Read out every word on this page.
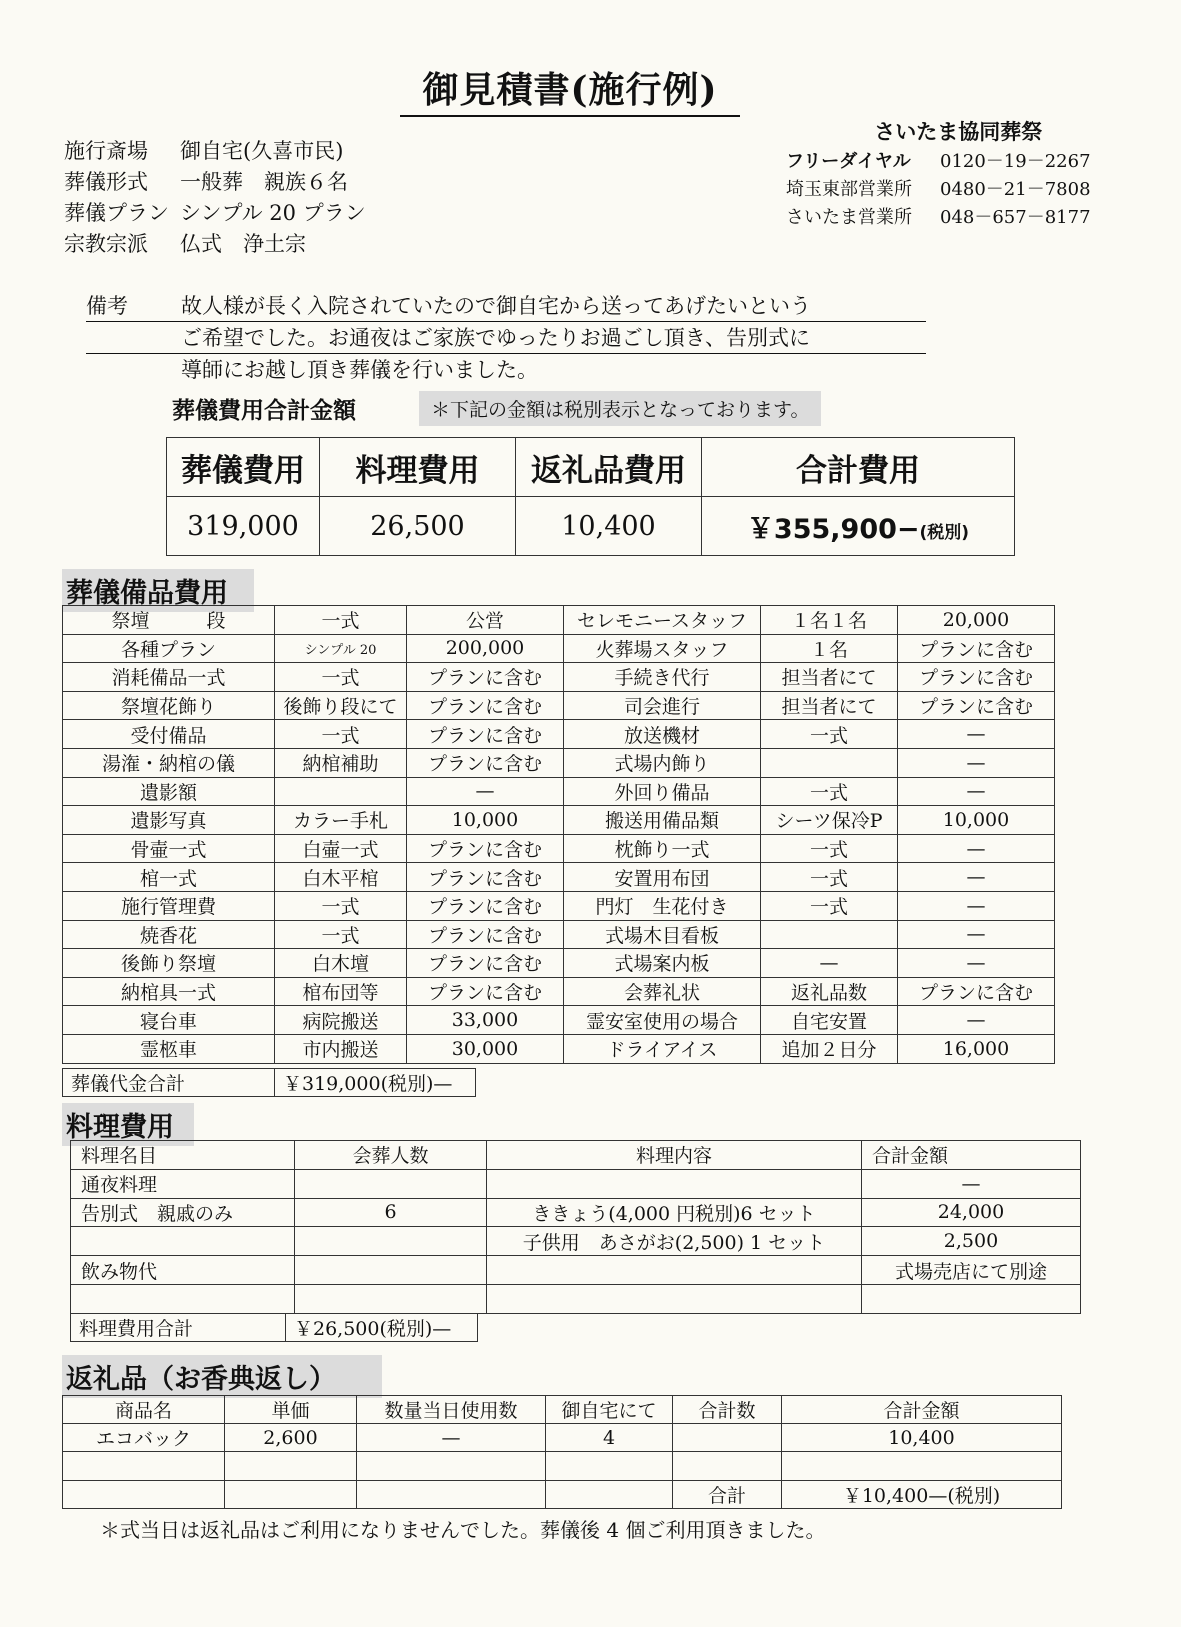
御見積書(施行例)
施行斎場	御自宅(久喜市民)
葬儀形式	一般葬　親族６名
葬儀プラン シンプル 20 プラン
宗教宗派	仏式　浄土宗
さいたま協同葬祭
フリーダイヤル	0120－19－2267
埼玉東部営業所	0480－21－7808
さいたま営業所	048－657－8177
備考	故人様が長く入院されていたので御自宅から送ってあげたいという
ご希望でした。お通夜はご家族でゆったりお過ごし頂き、告別式に
導師にお越し頂き葬儀を行いました。
葬儀費用合計金額	＊下記の金額は税別表示となっております。
葬儀費用	料理費用	返礼品費用	合計費用
319,000	26,500	10,400	￥355,900−(税別)
葬儀備品費用
祭壇　　　段	一式	公営	セレモニースタッフ	１名１名	20,000
各種プラン	シンプル 20	200,000	火葬場スタッフ	１名	プランに含む
消耗備品一式	一式	プランに含む	手続き代行	担当者にて	プランに含む
祭壇花飾り	後飾り段にて	プランに含む	司会進行	担当者にて	プランに含む
受付備品	一式	プランに含む	放送機材	一式	—
湯潅・納棺の儀	納棺補助	プランに含む	式場内飾り		—
遺影額		—	外回り備品	一式	—
遺影写真	カラー手札	10,000	搬送用備品類	シーツ保冷P	10,000
骨壷一式	白壷一式	プランに含む	枕飾り一式	一式	—
棺一式	白木平棺	プランに含む	安置用布団	一式	—
施行管理費	一式	プランに含む	門灯　生花付き	一式	—
焼香花	一式	プランに含む	式場木目看板		—
後飾り祭壇	白木壇	プランに含む	式場案内板	—	—
納棺具一式	棺布団等	プランに含む	会葬礼状	返礼品数	プランに含む
寝台車	病院搬送	33,000	霊安室使用の場合	自宅安置	—
霊柩車	市内搬送	30,000	ドライアイス	追加２日分	16,000
葬儀代金合計	￥319,000(税別)—
料理費用
料理名目	会葬人数	料理内容	合計金額
通夜料理			—
告別式　親戚のみ	6	ききょう(4,000 円税別)6 セット	24,000
		子供用　あさがお(2,500) 1 セット	2,500
飲み物代			式場売店にて別途

料理費用合計	￥26,500(税別)—
返礼品（お香典返し）
商品名	単価	数量当日使用数	御自宅にて	合計数	合計金額
エコバック	2,600	—	4		10,400

				合計	￥10,400—(税別)
＊式当日は返礼品はご利用になりませんでした。葬儀後 4 個ご利用頂きました。
